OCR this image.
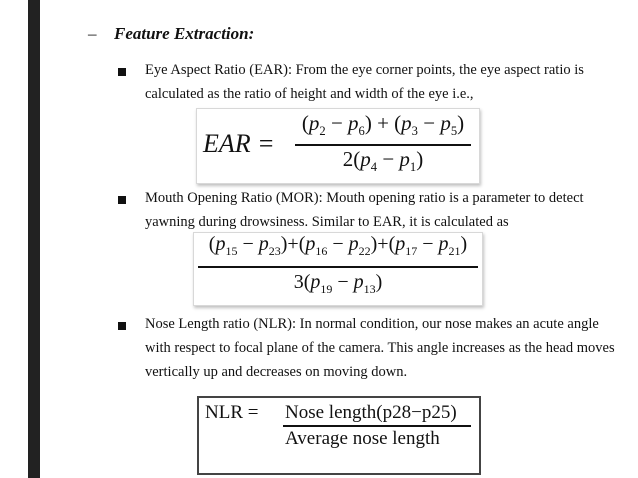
– Feature Extraction:
Eye Aspect Ratio (EAR): From the eye corner points, the eye aspect ratio is calculated as the ratio of height and width of the eye i.e.,
EAR =
$(p_2 - p_6) + (p_3 - p_5)$
$2(p_4 - p_1)$
Mouth Opening Ratio (MOR): Mouth opening ratio is a parameter to detect yawning during drowsiness. Similar to EAR, it is calculated as
$(p_{15} - p_{23})+(p_{16} - p_{22})+(p_{17} - p_{21})$
$3(p_{19} - p_{13})$
Nose Length ratio (NLR): In normal condition, our nose makes an acute angle with respect to focal plane of the camera. This angle increases as the head moves vertically up and decreases on moving down.
NLR = Nose length(p28−p25)
Average nose length
